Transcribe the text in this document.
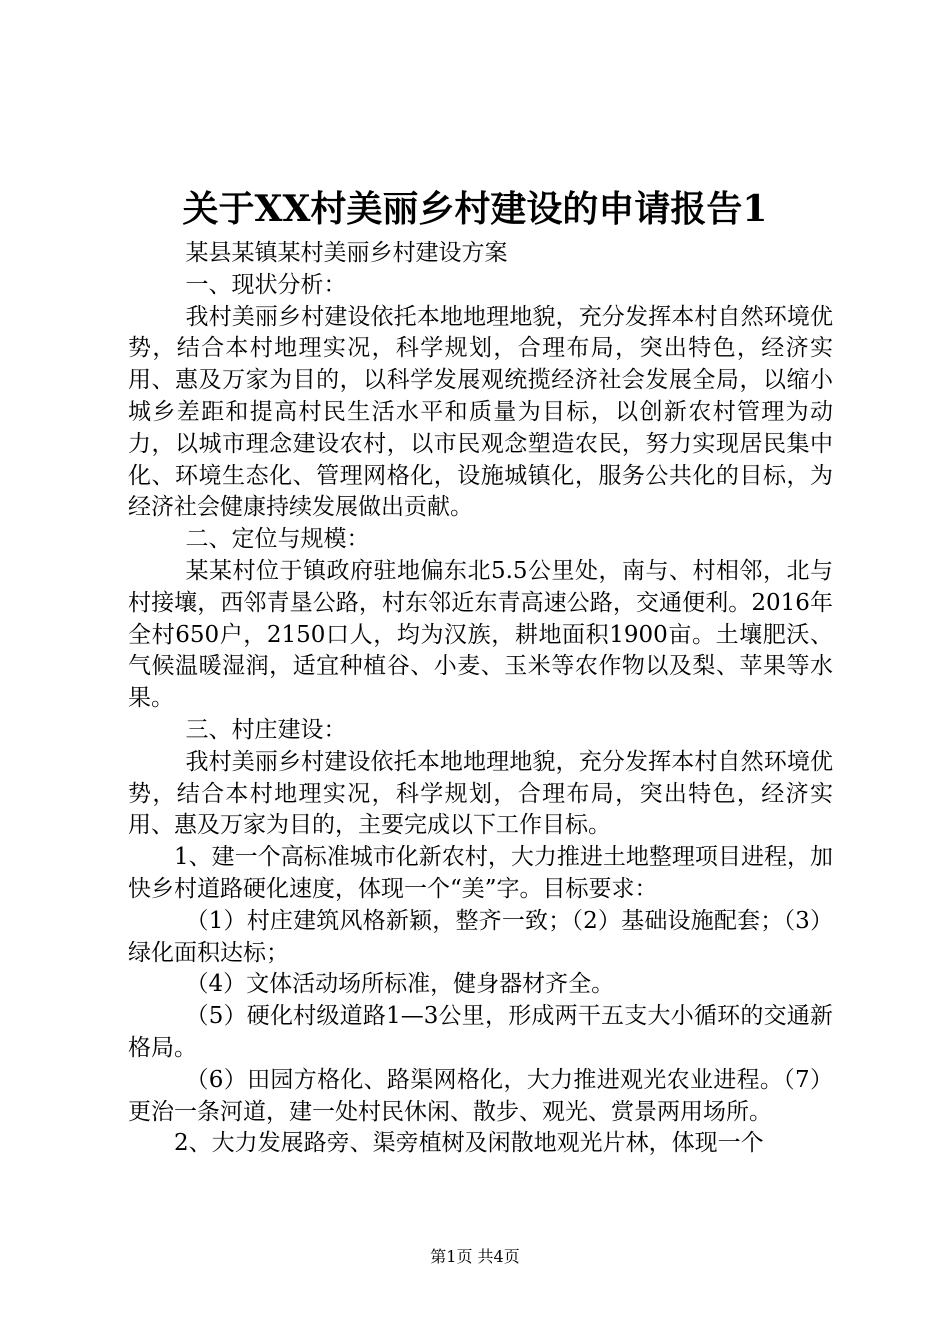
关于XX村美丽乡村建设的申请报告1

某县某镇某村美丽乡村建设方案

一、现状分析：

我村美丽乡村建设依托本地地理地貌，充分发挥本村自然环境优势，结合本村地理实况，科学规划，合理布局，突出特色，经济实用、惠及万家为目的，以科学发展观统揽经济社会发展全局，以缩小城乡差距和提高村民生活水平和质量为目标，以创新农村管理为动力，以城市理念建设农村，以市民观念塑造农民，努力实现居民集中化、环境生态化、管理网格化，设施城镇化，服务公共化的目标，为经济社会健康持续发展做出贡献。

二、定位与规模：

某某村位于镇政府驻地偏东北5.5公里处，南与、村相邻，北与村接壤，西邻青垦公路，村东邻近东青高速公路，交通便利。2016年全村650户，2150口人，均为汉族，耕地面积1900亩。土壤肥沃、气候温暖湿润，适宜种植谷、小麦、玉米等农作物以及梨、苹果等水果。

三、村庄建设：

我村美丽乡村建设依托本地地理地貌，充分发挥本村自然环境优势，结合本村地理实况，科学规划，合理布局，突出特色，经济实用、惠及万家为目的，主要完成以下工作目标。

1、建一个高标准城市化新农村，大力推进土地整理项目进程，加快乡村道路硬化速度，体现一个“美”字。目标要求：

（1）村庄建筑风格新颖，整齐一致；（2）基础设施配套；（3）绿化面积达标；

（4）文体活动场所标准，健身器材齐全。

（5）硬化村级道路1—3公里，形成两干五支大小循环的交通新格局。

（6）田园方格化、路渠网格化，大力推进观光农业进程。（7）更治一条河道，建一处村民休闲、散步、观光、赏景两用场所。

2、大力发展路旁、渠旁植树及闲散地观光片林，体现一个

第1页 共4页
